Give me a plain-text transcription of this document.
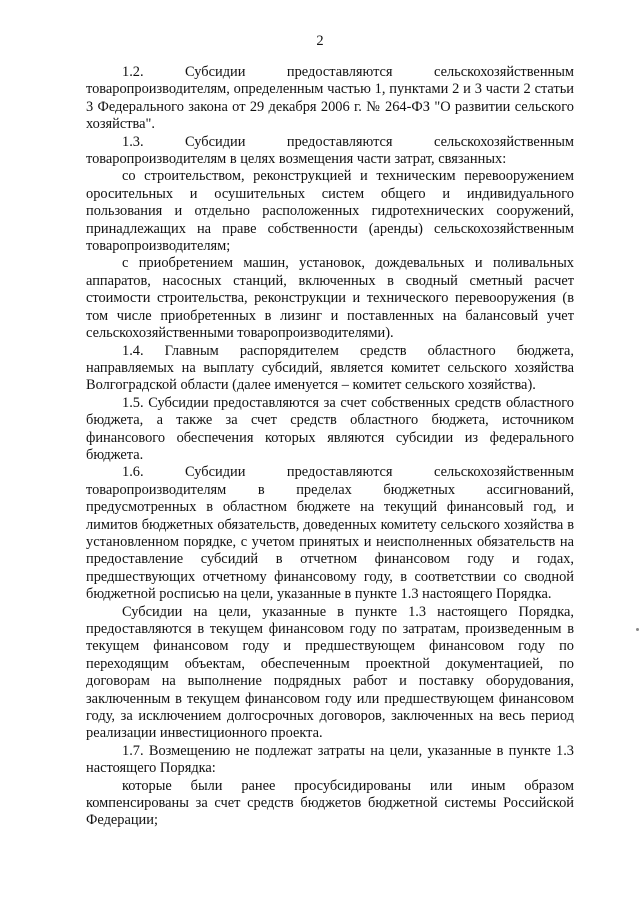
2

1.2. Субсидии предоставляются сельскохозяйственным товаропроизводителям, определенным частью 1, пунктами 2 и 3 части 2 статьи 3 Федерального закона от 29 декабря 2006 г. № 264-ФЗ "О развитии сельского хозяйства".

1.3. Субсидии предоставляются сельскохозяйственным товаропроизводителям в целях возмещения части затрат, связанных:

со строительством, реконструкцией и техническим перевооружением оросительных и осушительных систем общего и индивидуального пользования и отдельно расположенных гидротехнических сооружений, принадлежащих на праве собственности (аренды) сельскохозяйственным товаропроизводителям;

с приобретением машин, установок, дождевальных и поливальных аппаратов, насосных станций, включенных в сводный сметный расчет стоимости строительства, реконструкции и технического перевооружения (в том числе приобретенных в лизинг и поставленных на балансовый учет сельскохозяйственными товаропроизводителями).

1.4. Главным распорядителем средств областного бюджета, направляемых на выплату субсидий, является комитет сельского хозяйства Волгоградской области (далее именуется – комитет сельского хозяйства).

1.5. Субсидии предоставляются за счет собственных средств областного бюджета, а также за счет средств областного бюджета, источником финансового обеспечения которых являются субсидии из федерального бюджета.

1.6. Субсидии предоставляются сельскохозяйственным товаропроизводителям в пределах бюджетных ассигнований, предусмотренных в областном бюджете на текущий финансовый год, и лимитов бюджетных обязательств, доведенных комитету сельского хозяйства в установленном порядке, с учетом принятых и неисполненных обязательств на предоставление субсидий в отчетном финансовом году и годах, предшествующих отчетному финансовому году, в соответствии со сводной бюджетной росписью на цели, указанные в пункте 1.3 настоящего Порядка.

Субсидии на цели, указанные в пункте 1.3 настоящего Порядка, предоставляются в текущем финансовом году по затратам, произведенным в текущем финансовом году и предшествующем финансовом году по переходящим объектам, обеспеченным проектной документацией, по договорам на выполнение подрядных работ и поставку оборудования, заключенным в текущем финансовом году или предшествующем финансовом году, за исключением долгосрочных договоров, заключенных на весь период реализации инвестиционного проекта.

1.7. Возмещению не подлежат затраты на цели, указанные в пункте 1.3 настоящего Порядка:

которые были ранее просубсидированы или иным образом компенсированы за счет средств бюджетов бюджетной системы Российской Федерации;
